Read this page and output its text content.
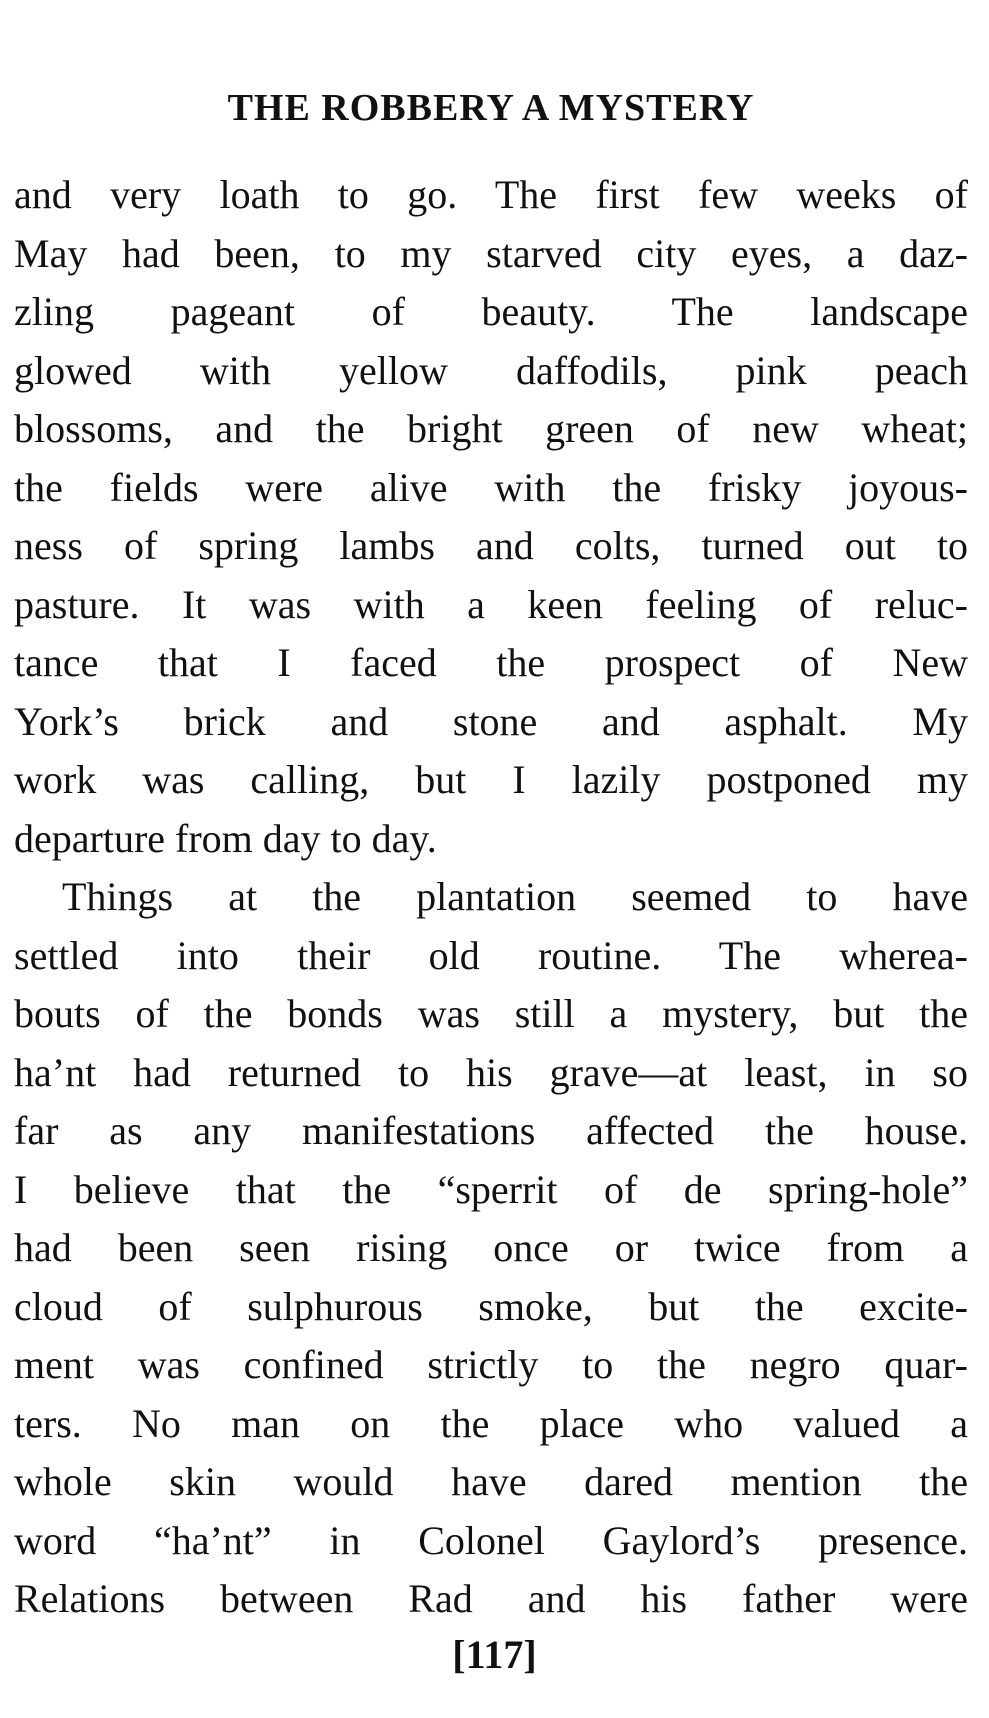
THE ROBBERY A MYSTERY
and very loath to go. The first few weeks of
May had been, to my starved city eyes, a daz-
zling pageant of beauty. The landscape
glowed with yellow daffodils, pink peach
blossoms, and the bright green of new wheat;
the fields were alive with the frisky joyous-
ness of spring lambs and colts, turned out to
pasture. It was with a keen feeling of reluc-
tance that I faced the prospect of New
York’s brick and stone and asphalt. My
work was calling, but I lazily postponed my
departure from day to day.
Things at the plantation seemed to have
settled into their old routine. The wherea-
bouts of the bonds was still a mystery, but the
ha’nt had returned to his grave—at least, in so
far as any manifestations affected the house.
I believe that the “sperrit of de spring-hole”
had been seen rising once or twice from a
cloud of sulphurous smoke, but the excite-
ment was confined strictly to the negro quar-
ters. No man on the place who valued a
whole skin would have dared mention the
word “ha’nt” in Colonel Gaylord’s presence.
Relations between Rad and his father were
[117]
